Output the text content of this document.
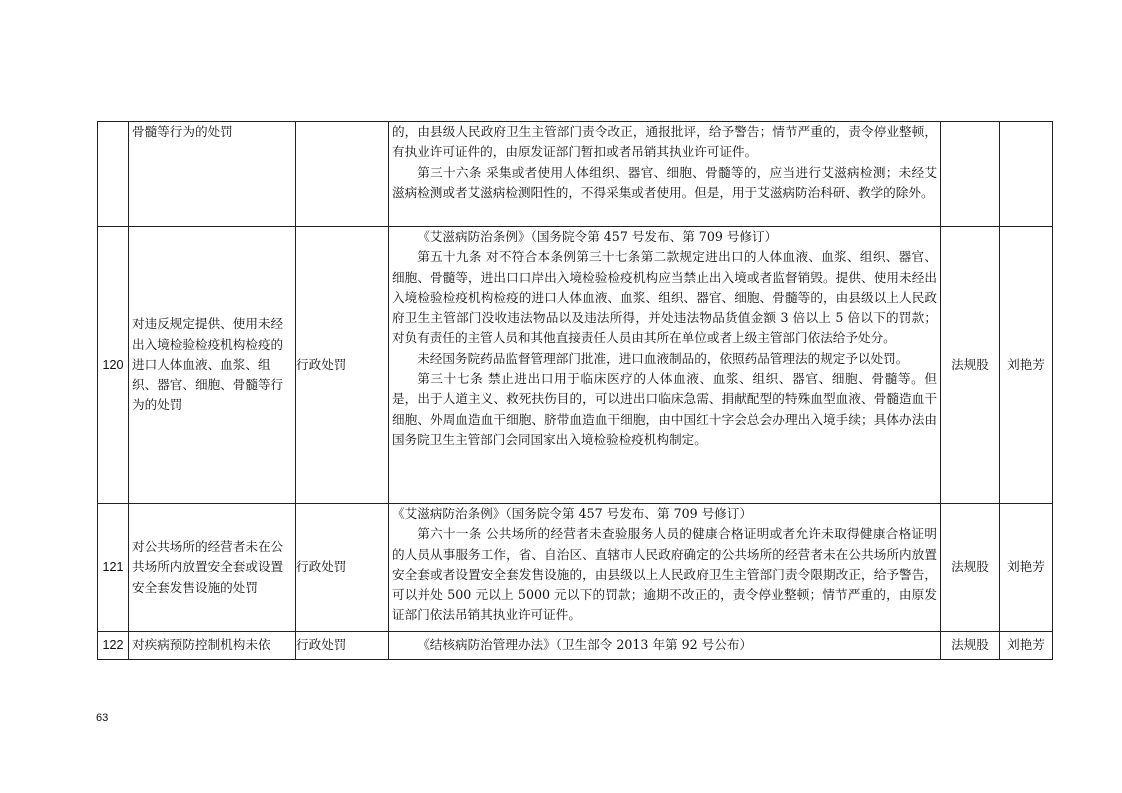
	骨髓等行为的处罚		的，由县级人民政府卫生主管部门责令改正，通报批评，给予警告；情节严重的，责令停业整顿，有执业许可证件的，由原发证部门暂扣或者吊销其执业许可证件。

第三十六条 采集或者使用人体组织、器官、细胞、骨髓等的，应当进行艾滋病检测；未经艾滋病检测或者艾滋病检测阳性的，不得采集或者使用。但是，用于艾滋病防治科研、教学的除外。		

120	对违反规定提供、使用未经出入境检验检疫机构检疫的进口人体血液、血浆、组织、器官、细胞、骨髓等行为的处罚	行政处罚	《艾滋病防治条例》（国务院令第 457 号发布、第 709 号修订）

第五十九条 对不符合本条例第三十七条第二款规定进出口的人体血液、血浆、组织、器官、细胞、骨髓等，进出口口岸出入境检验检疫机构应当禁止出入境或者监督销毁。提供、使用未经出入境检验检疫机构检疫的进口人体血液、血浆、组织、器官、细胞、骨髓等的，由县级以上人民政府卫生主管部门没收违法物品以及违法所得，并处违法物品货值金额 3 倍以上 5 倍以下的罚款；对负有责任的主管人员和其他直接责任人员由其所在单位或者上级主管部门依法给予处分。

未经国务院药品监督管理部门批准，进口血液制品的，依照药品管理法的规定予以处罚。

第三十七条 禁止进出口用于临床医疗的人体血液、血浆、组织、器官、细胞、骨髓等。但是，出于人道主义、救死扶伤目的，可以进出口临床急需、捐献配型的特殊血型血液、骨髓造血干细胞、外周血造血干细胞、脐带血造血干细胞，由中国红十字会总会办理出入境手续；具体办法由国务院卫生主管部门会同国家出入境检验检疫机构制定。	法规股	刘艳芳
121	对公共场所的经营者未在公共场所内放置安全套或设置安全套发售设施的处罚	行政处罚	《艾滋病防治条例》（国务院令第 457 号发布、第 709 号修订）

第六十一条 公共场所的经营者未查验服务人员的健康合格证明或者允许未取得健康合格证明的人员从事服务工作，省、自治区、直辖市人民政府确定的公共场所的经营者未在公共场所内放置安全套或者设置安全套发售设施的，由县级以上人民政府卫生主管部门责令限期改正，给予警告，可以并处 500 元以上 5000 元以下的罚款；逾期不改正的，责令停业整顿；情节严重的，由原发证部门依法吊销其执业许可证件。	法规股	刘艳芳
122	对疾病预防控制机构未依	行政处罚	《结核病防治管理办法》（卫生部令 2013 年第 92 号公布）	法规股	刘艳芳
63
